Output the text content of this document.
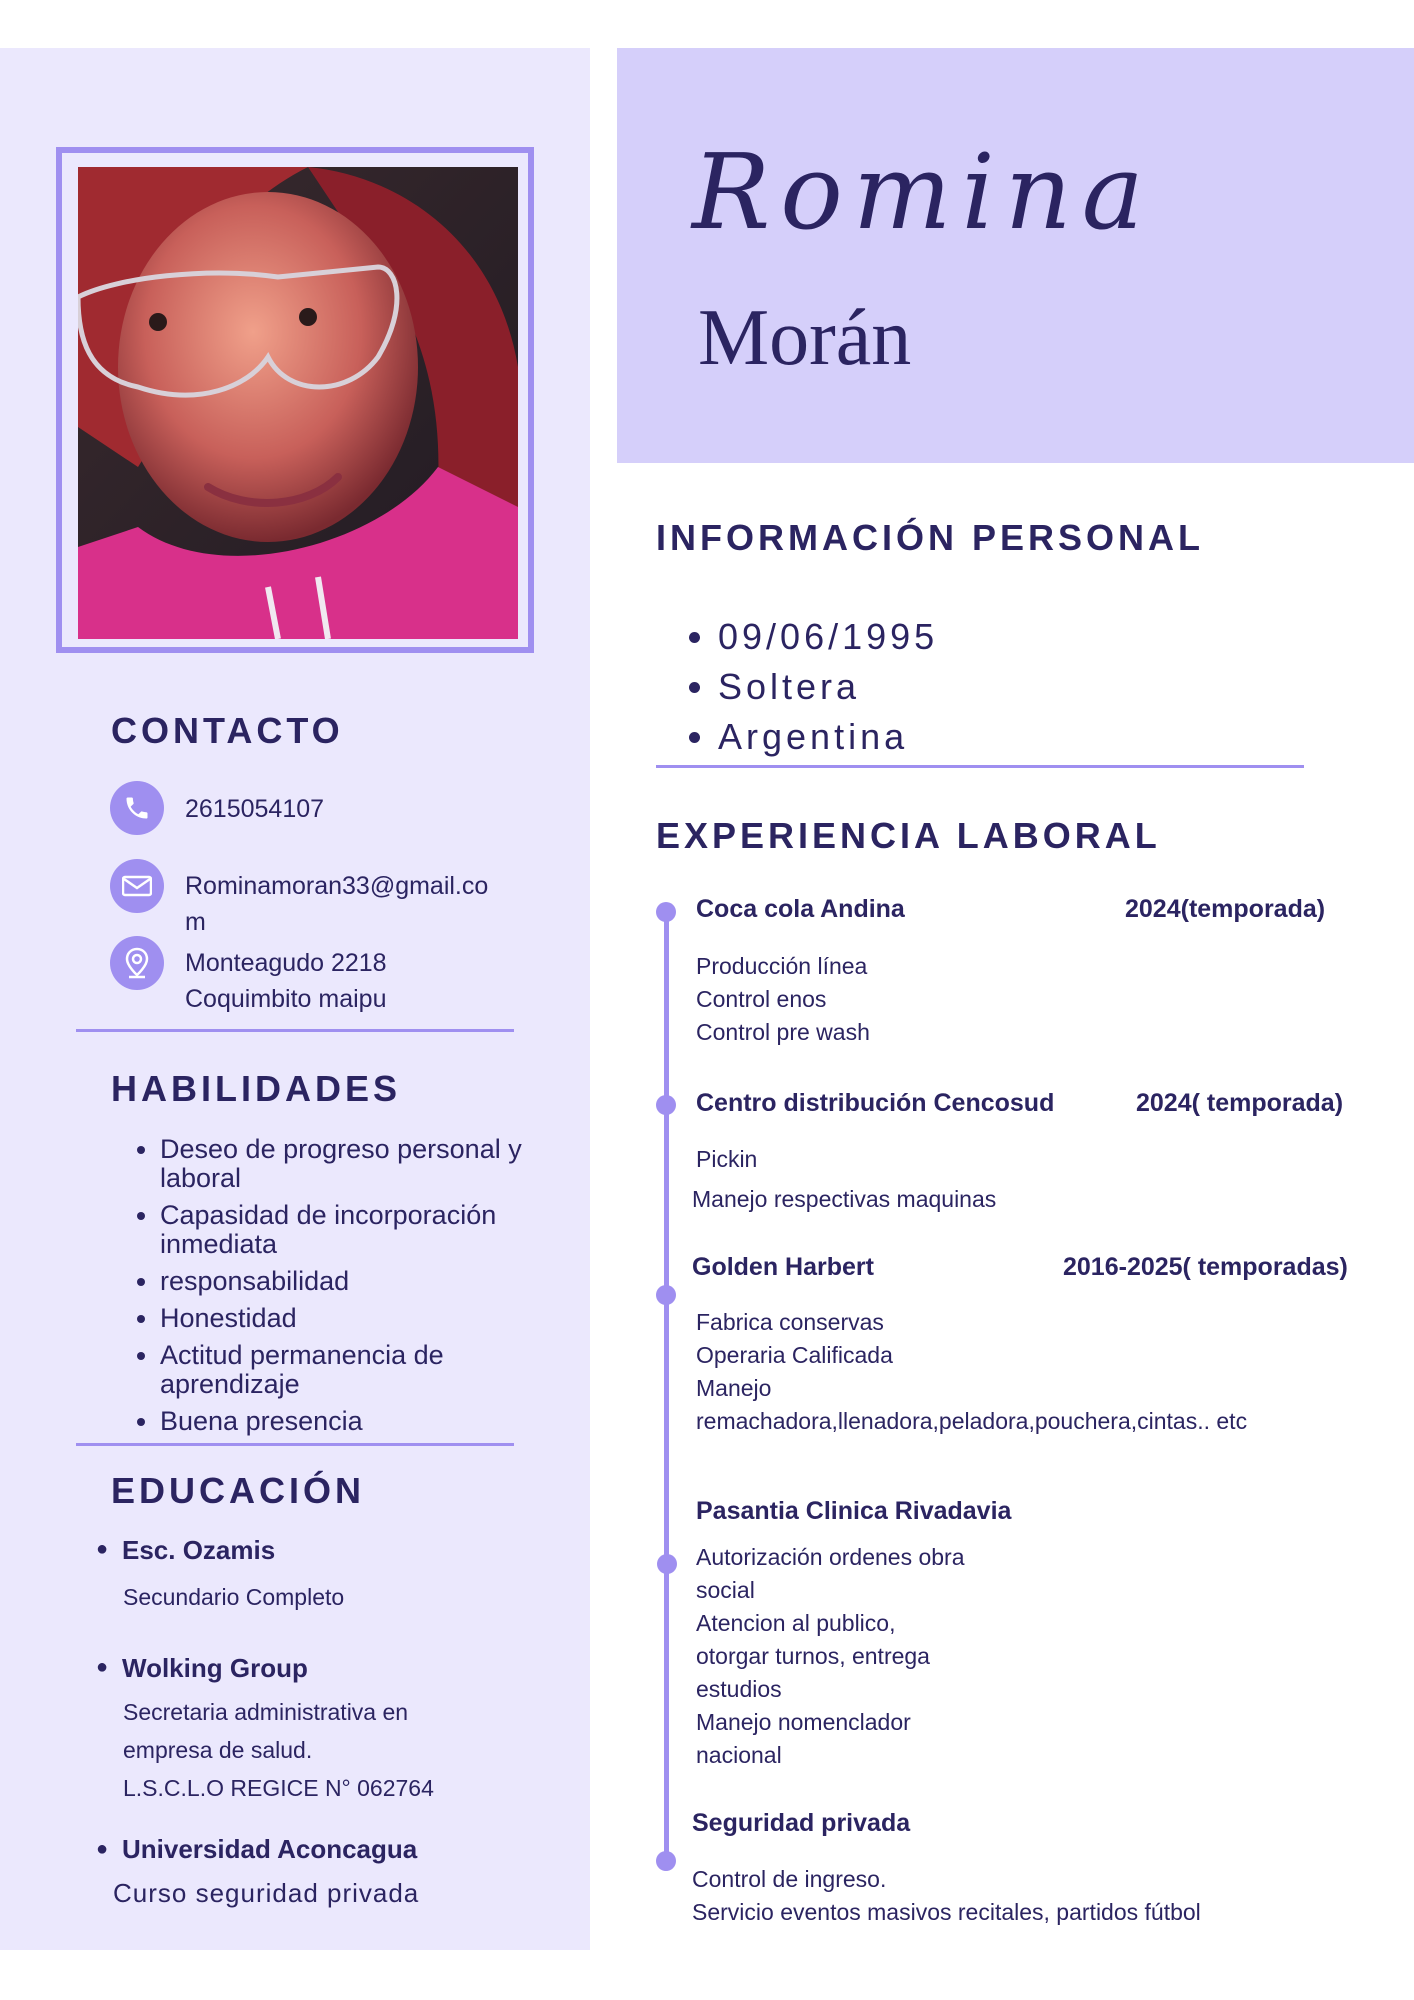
Romina
Morán
CONTACTO
2615054107
Rominamoran33@gmail.co
m
Monteagudo 2218
Coquimbito maipu
HABILIDADES
• Deseo de progreso personal y laboral
• Capasidad de incorporación inmediata
• responsabilidad
• Honestidad
• Actitud permanencia de aprendizaje
• Buena presencia
EDUCACIÓN
● Esc. Ozamis
Secundario Completo
● Wolking Group
Secretaria administrativa en
empresa de salud.
L.S.C.L.O REGICE N° 062764
● Universidad Aconcagua
Curso seguridad privada
INFORMACIÓN PERSONAL
• 09/06/1995
• Soltera
• Argentina
EXPERIENCIA LABORAL
Coca cola Andina	2024(temporada)
Producción línea
Control enos
Control pre wash
Centro distribución Cencosud	2024( temporada)
Pickin
Manejo respectivas maquinas
Golden Harbert	2016-2025( temporadas)
Fabrica conservas
Operaria Calificada
Manejo
remachadora,llenadora,peladora,pouchera,cintas.. etc
Pasantia Clinica Rivadavia
Autorización ordenes obra
social
Atencion al publico,
otorgar turnos, entrega
estudios
Manejo nomenclador
nacional
Seguridad privada
Control de ingreso.
Servicio eventos masivos recitales, partidos fútbol
